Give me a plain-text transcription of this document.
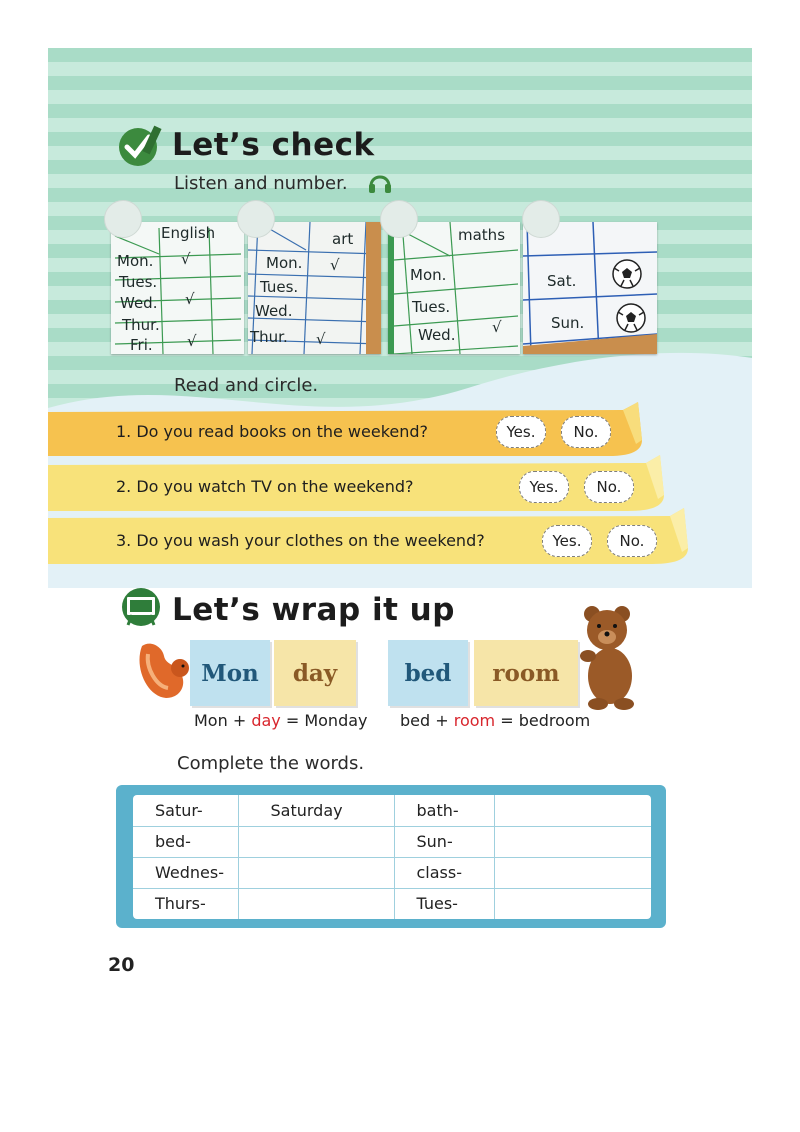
Let’s check
Listen and number.
English
Mon. √
Tues.
Wed. √
Thur.
Fri. √
art
Mon. √
Tues.
Wed.
Thur. √
maths
Mon.
Tues.
Wed. √
Sat.
Sun.
Read and circle.
1. Do you read books on the weekend?	Yes.	No.
2. Do you watch TV on the weekend?	Yes.	No.
3. Do you wash your clothes on the weekend?	Yes.	No.
Let’s wrap it up
Mon	day
Mon + day = Monday
bed	room
bed + room = bedroom
Complete the words.
Satur-	Saturday	bath-	
bed-		Sun-	
Wednes-		class-	
Thurs-		Tues-	
20
